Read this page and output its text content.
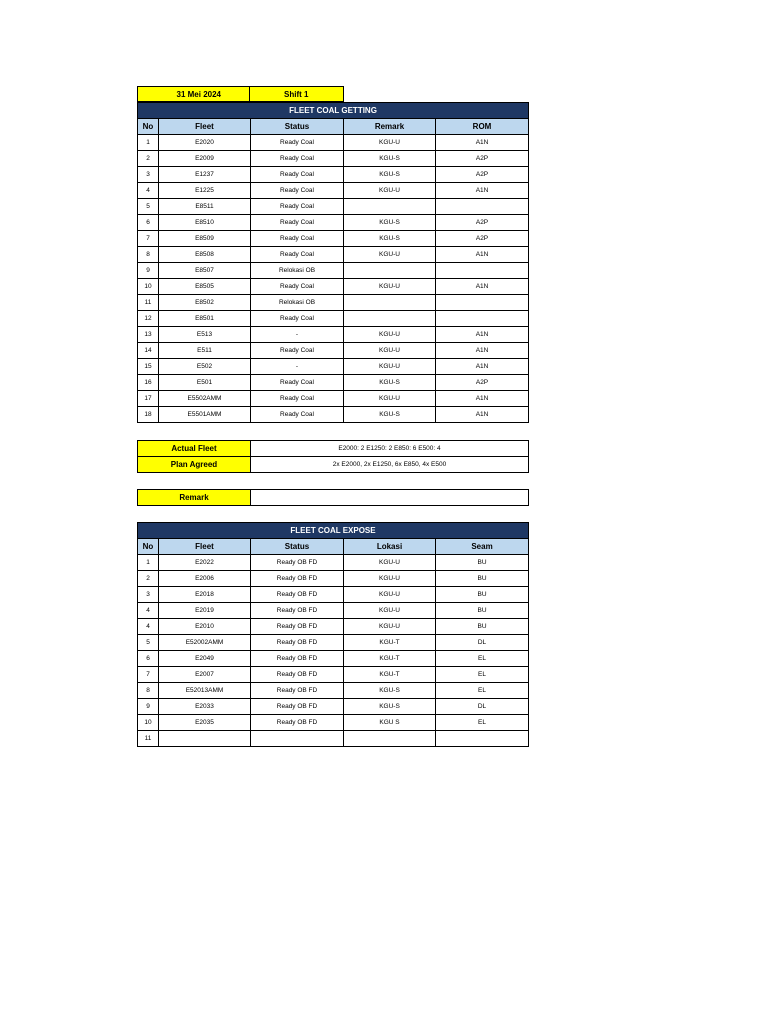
31 Mei 2024	Shift 1
FLEET COAL GETTING				
No	Fleet	Status	Remark	ROM
1	E2020	Ready Coal	KGU-U	A1N
2	E2009	Ready Coal	KGU-S	A2P
3	E1237	Ready Coal	KGU-S	A2P
4	E1225	Ready Coal	KGU-U	A1N
5	E8511	Ready Coal		
6	E8510	Ready Coal	KGU-S	A2P
7	E8509	Ready Coal	KGU-S	A2P
8	E8508	Ready Coal	KGU-U	A1N
9	E8507	Relokasi OB		
10	E8505	Ready Coal	KGU-U	A1N
11	E8502	Relokasi OB		
12	E8501	Ready Coal		
13	E513	-	KGU-U	A1N
14	E511	Ready Coal	KGU-U	A1N
15	E502	-	KGU-U	A1N
16	E501	Ready Coal	KGU-S	A2P
17	E5502AMM	Ready Coal	KGU-U	A1N
18	E5501AMM	Ready Coal	KGU-S	A1N
Actual Fleet	E2000: 2 E1250: 2 E850: 6 E500: 4
Plan Agreed	2x E2000, 2x E1250, 6x E850, 4x E500
Remark	
FLEET COAL EXPOSE				
No	Fleet	Status	Lokasi	Seam
1	E2022	Ready OB FD	KGU-U	BU
2	E2006	Ready OB FD	KGU-U	BU
3	E2018	Ready OB FD	KGU-U	BU
4	E2019	Ready OB FD	KGU-U	BU
4	E2010	Ready OB FD	KGU-U	BU
5	E52002AMM	Ready OB FD	KGU-T	DL
6	E2049	Ready OB FD	KGU-T	EL
7	E2007	Ready OB FD	KGU-T	EL
8	E52013AMM	Ready OB FD	KGU-S	EL
9	E2033	Ready OB FD	KGU-S	DL
10	E2035	Ready OB FD	KGU S	EL
11				
